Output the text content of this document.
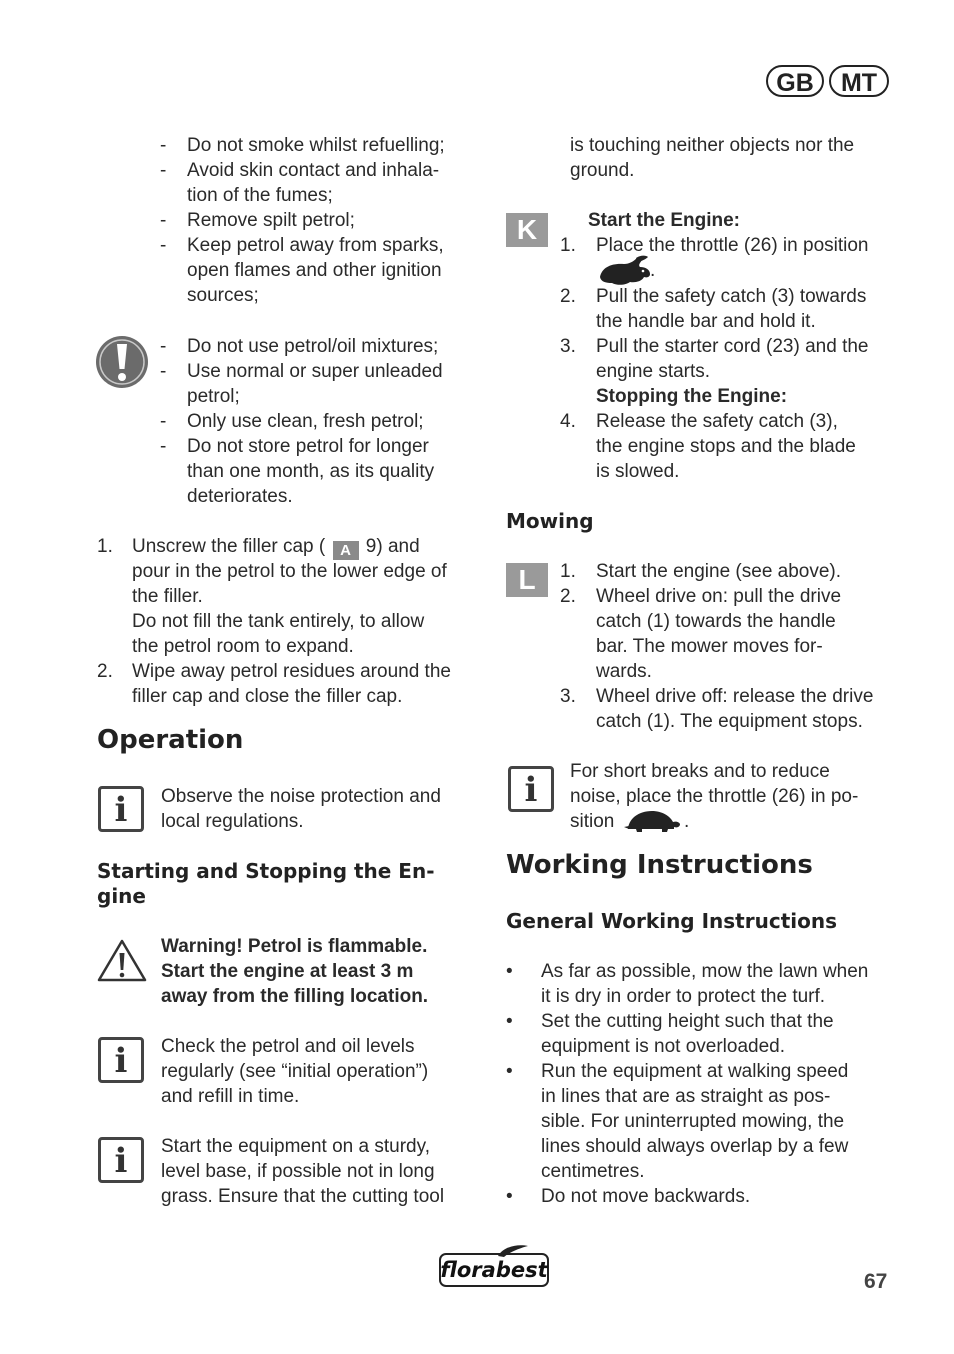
GB	MT
- Do not smoke whilst refuelling;
- Avoid skin contact and inhala-
tion of the fumes;
- Remove spilt petrol;
- Keep petrol away from sparks,
open flames and other ignition
sources;
- Do not use petrol/oil mixtures;
- Use normal or super unleaded
petrol;
- Only use clean, fresh petrol;
- Do not store petrol for longer
than one month, as its quality
deteriorates.
1. Unscrew the filler cap ( A 9) and
pour in the petrol to the lower edge of
the filler.
Do not fill the tank entirely, to allow
the petrol room to expand.
2. Wipe away petrol residues around the
filler cap and close the filler cap.
Operation
i	Observe the noise protection and
local regulations.
Starting and Stopping the En-
gine
Warning! Petrol is flammable.
Start the engine at least 3 m
away from the filling location.
i	Check the petrol and oil levels
regularly (see “initial operation”)
and refill in time.
i	Start the equipment on a sturdy,
level base, if possible not in long
grass. Ensure that the cutting tool
is touching neither objects nor the
ground.
K	Start the Engine:
1. Place the throttle (26) in position
.
2. Pull the safety catch (3) towards
the handle bar and hold it.
3. Pull the starter cord (23) and the
engine starts.
Stopping the Engine:
4. Release the safety catch (3),
the engine stops and the blade
is slowed.
Mowing
L	1. Start the engine (see above).
2. Wheel drive on: pull the drive
catch (1) towards the handle
bar. The mower moves for-
wards.
3. Wheel drive off: release the drive
catch (1). The equipment stops.
i	For short breaks and to reduce
noise, place the throttle (26) in po-
sition	.
Working Instructions
General Working Instructions
• As far as possible, mow the lawn when
it is dry in order to protect the turf.
• Set the cutting height such that the
equipment is not overloaded.
• Run the equipment at walking speed
in lines that are as straight as pos-
sible. For uninterrupted mowing, the
lines should always overlap by a few
centimetres.
• Do not move backwards.
florabest	67
